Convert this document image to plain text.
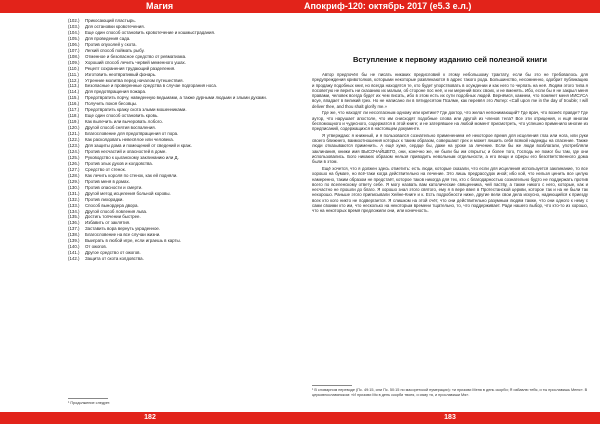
Магия
(102.) Прикосающий пластырь.
(103.) Для остановки кровотечения.
(104.) Еще один способ остановить кровотечение и кошмыстрадания.
(105.) Для проведения сада.
(106.) Против опухолей у скота.
(107.) Легкий способ поймать рыбу.
(108.) Отменное и безопасное средство от ревматизма.
(109.) Хороший способ лечить червей меменного ушах.
(110.) Рецепт сохранения трудающий разделения.
(111.) Изготовить неотвратимый фонарь.
(112.) Утренние молитва перед началом путешествия.
(113.) Безопасные и проверенные средства в случае подгорания носа.
(114.) Для предотвращения пожара.
(115.) Предотвратить порчу, наведенную ведьмами, а также дурными людьми и злыми духами.
(116.) Получить покоя бесовцы.
(117.) Предотвратить кражу скота злыми мошенниками.
(118.) Еще один способ остановить кровь.
(119.) Как вылечить или вычеровать лобого.
(120.) Другой способ снятия воспаления.
(121.) Благословение для предотвращения от пора.
(122.) Как расколдовать невесёлое или человека.
(123.) Для защиты дома и помещений от сведений и краж.
(124.) Против несчастий и опасностей в доме.
(125.) Руководство к цыганскому заклинанию или Д.
(126.) Против злых духов и колдовства.
(127.) Средство от стенок.
(128.) Как лечить короля по стенок, как ей подняли.
(129.) Против меня в домах.
(130.) Против опасности и смерти.
(131.) Другой метод исцеления больной коровы.
(132.) Против лихорадки.
(133.) Способ вынордера двора.
(134.) Другой способ ловления льва.
(135.) Достигь топчении быстрее.
(136.) Избавить от заклятия.
(137.) Заставить вора вернуть украденное.
(138.) Благословение на все случаи жизни.
(139.) Выиграть в любой игре, если играешь в карты.
(140.) От ожогов.
(141.) Другое средство от ожогов.
(142.) Защита от скота колдовства.
¹ Продолжение следует.
182
Апокриф-120: октябрь 2017 (е5.3 е.л.)
Вступление к первому изданию сей полезной книги

Автор предпочёл бы не писать никаких предисловий к этому небольшому трактату, если бы это не требовалось для предупреждения кривотолков, которыми некоторые развлекаются в адрес такого рода. Большинство, несомненно, одобрит публикацию и продажу подобных книг, но всегда находятся те, кто будет упорствовать в осуждении и как него то черпать на неё. Людям этого типа я посоветую не верить ни сказанию их малым, об стороне пос неё, и ни мерений всех своих, и не вменять. Ибо, если бы я не закрыл меня правами, человек всегда будет их чем писать, ибо в этом есть их сути подобных людей. Вернёмся, камнем, что помянет меня ИИСУСА всуе, впадает в великий грех. Но не написано ли в пятидесятом Псалме, как перевёл это Лютер: «Call upon me in the day of trouble; I will deliver thee, and thou shalt glorify me.»

Где же, что находят ли несогласным одному или критике? Где доктор, что желал непонимающий? Где врач, что вознёс правде? Где аутор, что нарушает апостоле, что им снисходят подобные слова или другой из членов тела? Все эти отрицения, и ещё многом беспомощного и чудесного, содержатся в этой книге; и не затерявшее на любой момент присмотреть, что успешно применило многие из предписаний, содержащихся в настоящем документе.

Я утверждаю: я книжный, и я пользовался сознательно применением её некоторое время для исцеления глаз или нога, или руки своего ближнего, ваимоотношения которых к таким образом, совершают грех и может лишить себя всякой надежды на спасение. Также люди отказываются применить. А ещё хуже, сердце бы, даже на уроке за лечение. Если бы же люди возблагали, употребляли заклинания, книжи имя ВЫСОЧАЙШЕГО, они, конечно же, не были бы им открыты; и более того, Господь не помог бы там, где они использовались. Бого никаких образом нельзя приводить невольным отдельности, а его вещи и сферы его безответственного дома были в этом.

Ещё хочется, что я должен здесь отметить: есть люди, которые сказали, что если для исцеления используется заклинание, то все хорошо на бумаге, но всё-таки когда действительно на лечение. Это лишь предрассудок иной; ибо кой, что нельзя ценить все целую намеренно, таким образом не предстаёт, которое таков никогда для тех, кто с благодарностью сознательно будто не поддержать против всего по вселенскому ответу себе. Я могу назвать вам католические священника, чей паству, а также никого с него, которые, как и несчастно не прошли до благо. Я хорошо знал этого святого, ему я в вере ввел в Протестанской церкви, которое так и на не были так нехорошо. Раньше этого приписывали Хейне-Книге и к. Есть подробности ниже, другие вели свои дела искусно, надеющийся к приезду всех кто кого никто не подвергается. Я слишком на этой счёт, что они действительно разумным людям также, что они одного к нему с сами своими кто им, что несколько на некоторым времени тщательно, то, что поддерживает. Ради нашего выбор, что кто-то из хорошо, что на некоторых время предложили они, или конечность.

¹ В словарном переводе (Пс. 49:15, или Пс. 50:15 по масоретской нумерации): «и призови Меня в день скорби; Я избавлю тебя, и ты прославишь Меня». В церковнославянском: «И призови Мя в день скорби твоея, и изму тя, и прославиши Мя».
183
